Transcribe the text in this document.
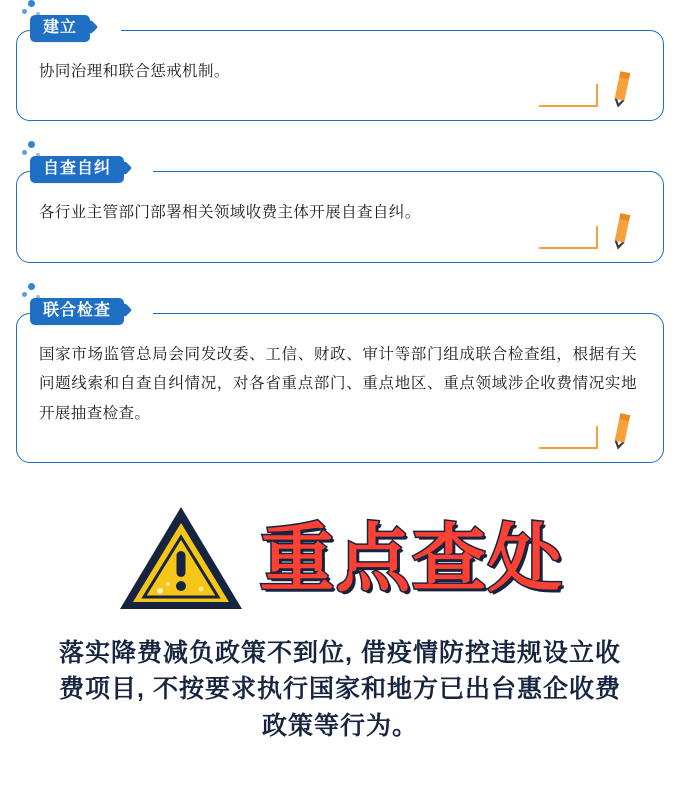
建立
协同治理和联合惩戒机制。
自查自纠
各行业主管部门部署相关领域收费主体开展自查自纠。
联合检查
国家市场监管总局会同发改委、工信、财政、审计等部门组成联合检查组，根据有关问题线索和自查自纠情况，对各省重点部门、重点地区、重点领域涉企收费情况实地开展抽查检查。
重点查处
落实降费减负政策不到位, 借疫情防控违规设立收费项目, 不按要求执行国家和地方已出台惠企收费政策等行为。
